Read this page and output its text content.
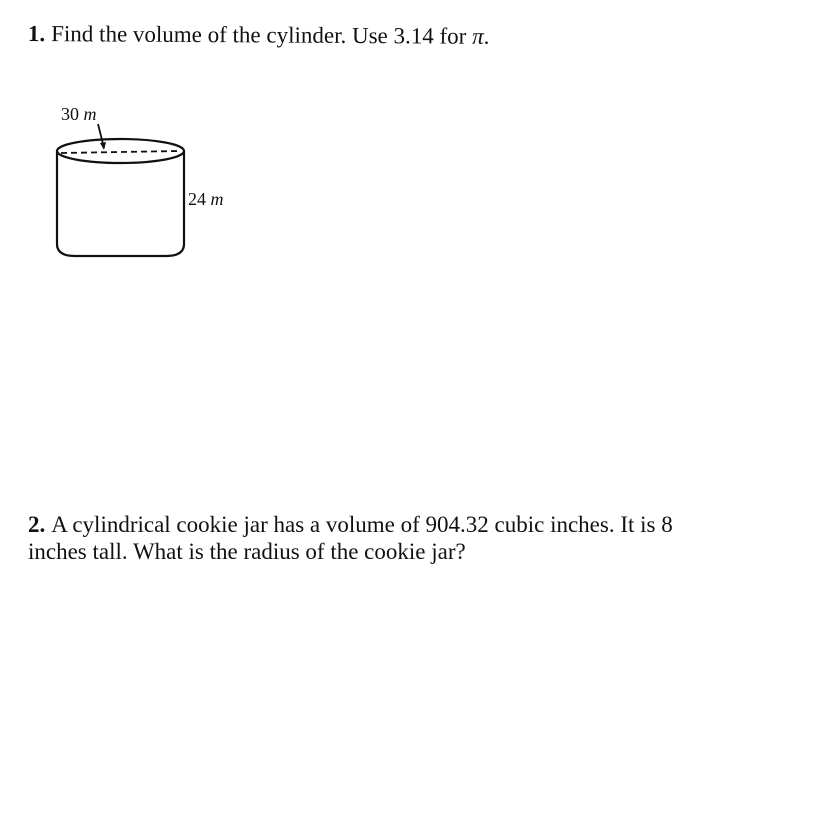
1. Find the volume of the cylinder. Use 3.14 for π.

30 m
24 m

2. A cylindrical cookie jar has a volume of 904.32 cubic inches. It is 8 inches tall. What is the radius of the cookie jar?
